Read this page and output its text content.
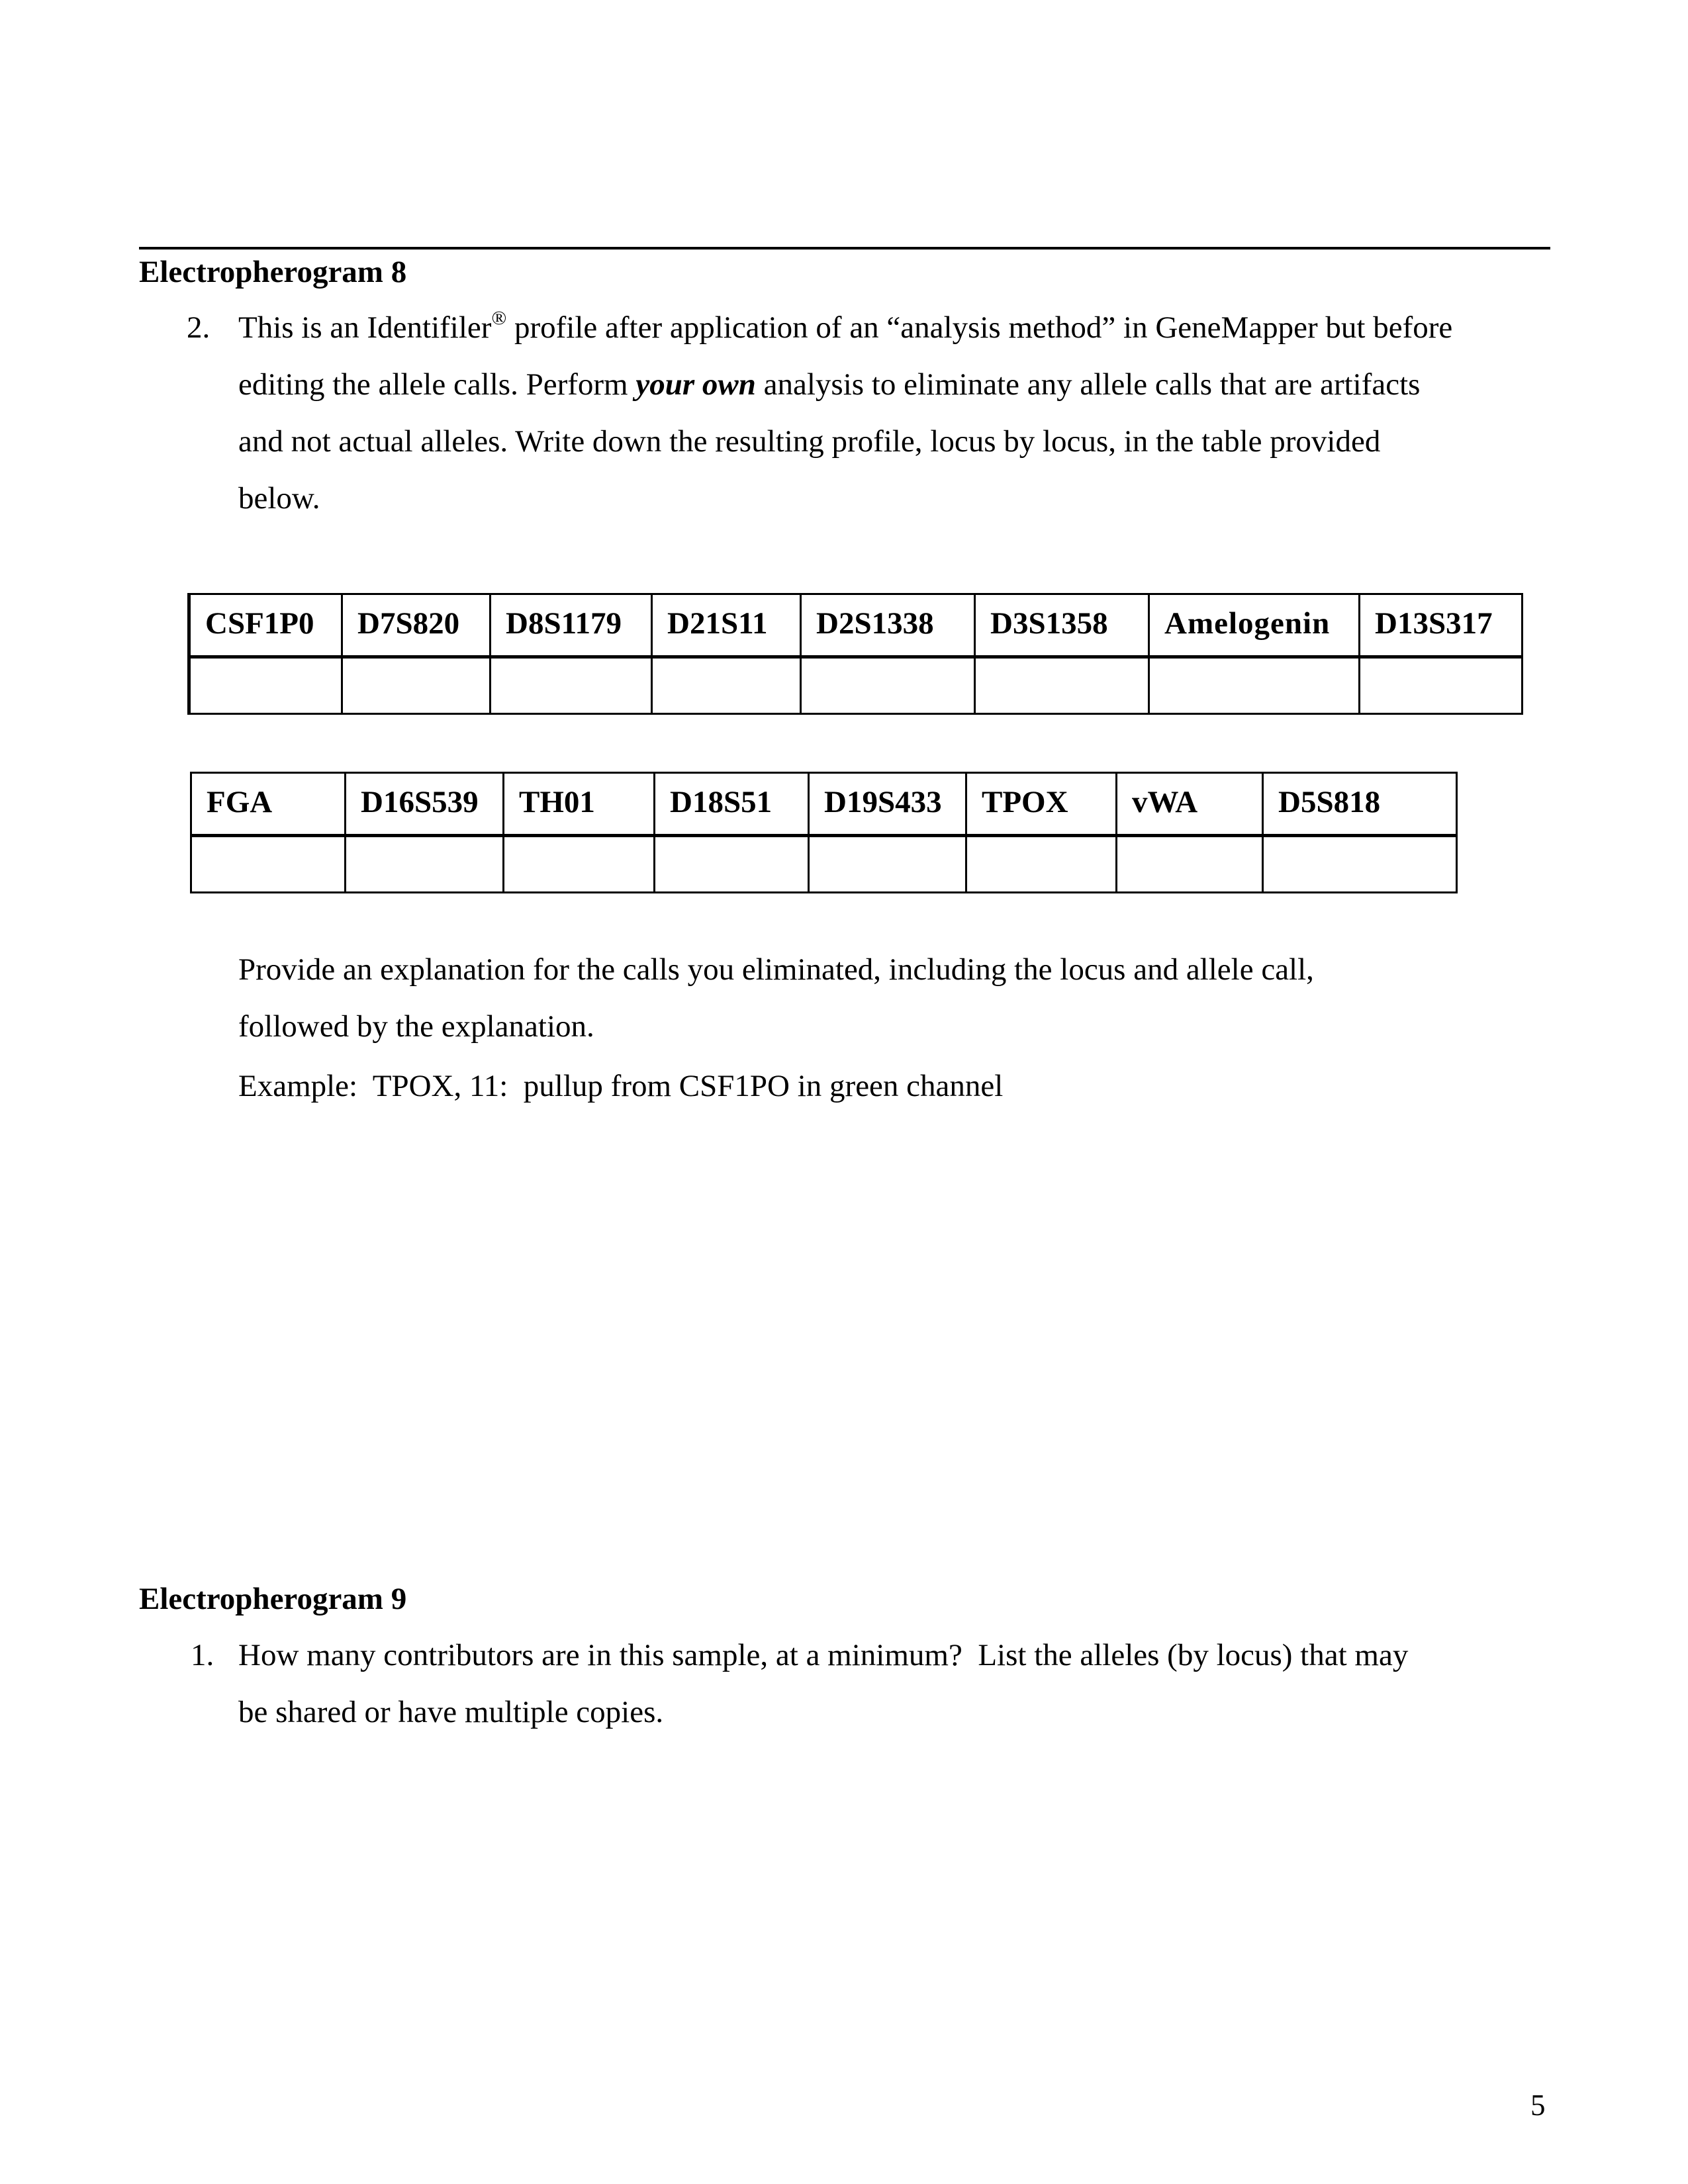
Electropherogram 8
2. This is an Identifiler® profile after application of an “analysis method” in GeneMapper but before

editing the allele calls. Perform your own analysis to eliminate any allele calls that are artifacts

and not actual alleles. Write down the resulting profile, locus by locus, in the table provided

below.

CSF1P0	D7S820	D8S1179	D21S11	D2S1338	D3S1358	Amelogenin	D13S317

FGA	D16S539	TH01	D18S51	D19S433	TPOX	vWA	D5S818

Provide an explanation for the calls you eliminated, including the locus and allele call,

followed by the explanation.

Example:  TPOX, 11:  pullup from CSF1PO in green channel
Electropherogram 9
1. How many contributors are in this sample, at a minimum?  List the alleles (by locus) that may

be shared or have multiple copies.

5
